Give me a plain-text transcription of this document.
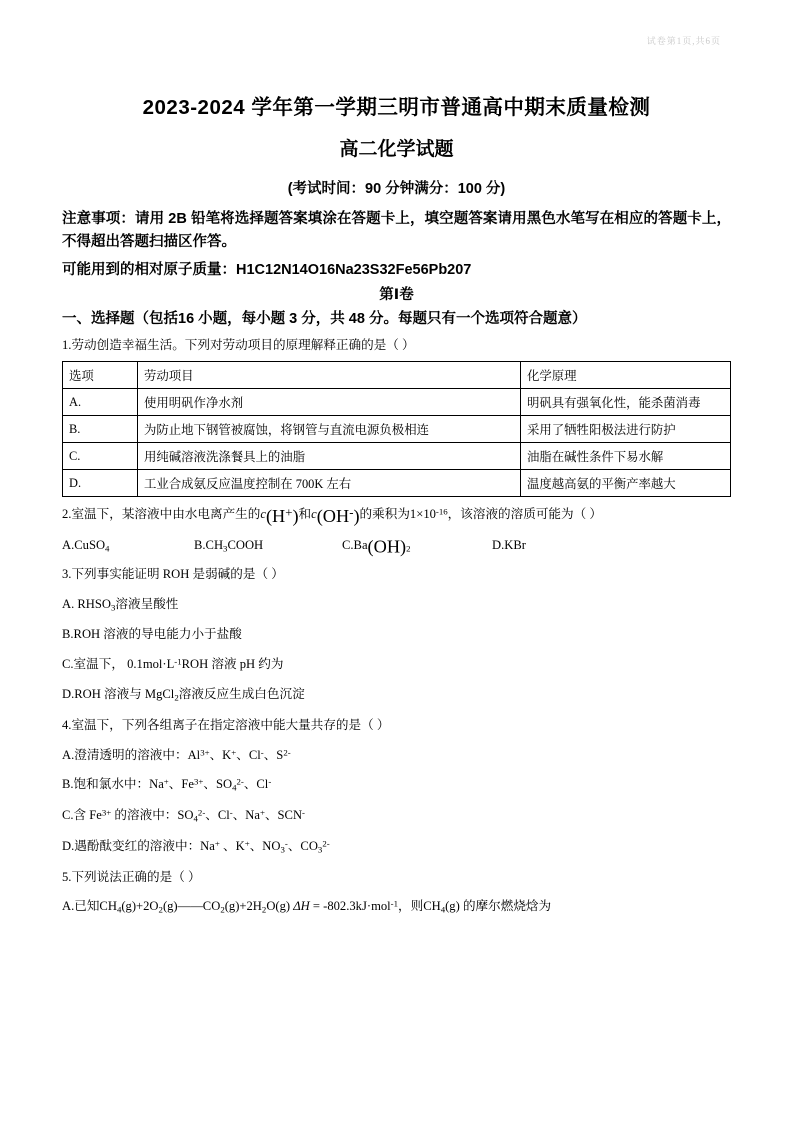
试卷第1页,共6页
2023-2024 学年第一学期三明市普通高中期末质量检测
高二化学试题
(考试时间：90 分钟满分：100 分)
注意事项：请用 2B 铅笔将选择题答案填涂在答题卡上，填空题答案请用黑色水笔写在相应的答题卡上，不得超出答题扫描区作答。
可能用到的相对原子质量：H1C12N14O16Na23S32Fe56Pb207
第Ⅰ卷
一、选择题（包括16 小题，每小题 3 分，共 48 分。每题只有一个选项符合题意）
1.劳动创造幸福生活。下列对劳动项目的原理解释正确的是（ ）
选项	劳动项目	化学原理
A.	使用明矾作净水剂	明矾具有强氧化性，能杀菌消毒
B.	为防止地下钢管被腐蚀，将钢管与直流电源负极相连	采用了牺牲阳极法进行防护
C.	用纯碱溶液洗涤餐具上的油脂	油脂在碱性条件下易水解
D.	工业合成氨反应温度控制在 700K 左右	温度越高氨的平衡产率越大
2.室温下，某溶液中由水电离产生的c(H+)和c(OH-)的乘积为$1\times 10^{-16}$，该溶液的溶质可能为（ ）
A.CuSO$_4$	$B.CH_3COOH$	$C.Ba(OH)_2$	D.KBr
3.下列事实能证明 ROH 是弱碱的是（ ）
A. $RHSO_3$溶液呈酸性
B.ROH 溶液的导电能力小于盐酸
C.室温下， $0.1mol\cdot L^{-1}ROH$ 溶液 pH 约为
D.ROH 溶液与 MgCl$_2$溶液反应生成白色沉淀
4.室温下，下列各组离子在指定溶液中能大量共存的是（ ）
A.澄清透明的溶液中：$Al^{3+}$、K+、Cl-、$S^{2-}$
B.饱和氯水中：Na+、$Fe^{3+}$、$SO_4^{2-}$、Cl-
C.含 $Fe^{3+}$ 的溶液中：$SO_4^{2-}$、Cl-、Na+、SCN-
D.遇酚酞变红的溶液中：Na+ 、K+、$NO_3^-$、$CO_3^{2-}$
5.下列说法正确的是（ ）
A.已知$CH_4(g)+2O_2(g)——CO_2(g)+2H_2O(g) \Delta H = -802.3kJ\cdot mol^{-1}$，则$CH_4(g)$ 的摩尔燃烧焓为
